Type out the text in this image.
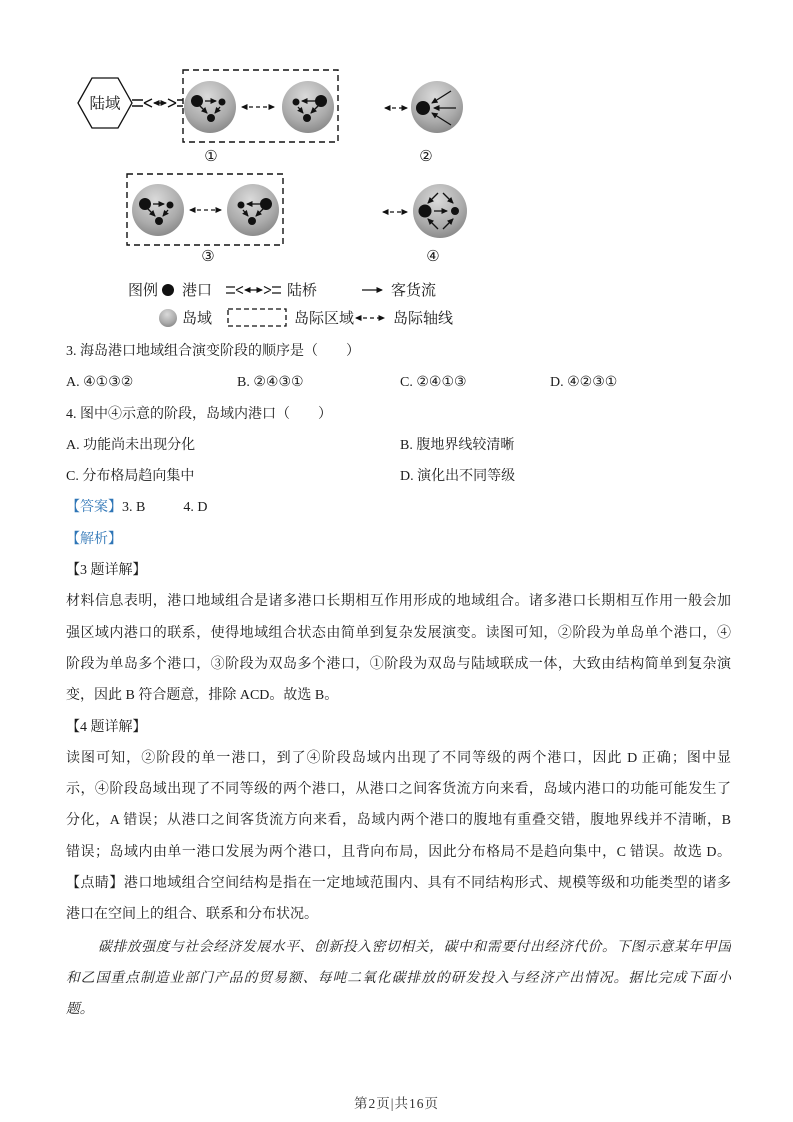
陆域
①	②
③	④
图例 港口	陆桥	客货流
岛域	岛际区域	岛际轴线
3. 海岛港口地域组合演变阶段的顺序是（　　）
A. ④①③②	B. ②④③①	C. ②④①③	D. ④②③①
4. 图中④示意的阶段，岛域内港口（　　）
A. 功能尚未出现分化	B. 腹地界线较清晰
C. 分布格局趋向集中	D. 演化出不同等级
【答案】3. B	4. D
【解析】
【3 题详解】
材料信息表明，港口地域组合是诸多港口长期相互作用形成的地域组合。诸多港口长期相互作用一般会加
强区域内港口的联系，使得地域组合状态由简单到复杂发展演变。读图可知，②阶段为单岛单个港口，④
阶段为单岛多个港口，③阶段为双岛多个港口，①阶段为双岛与陆域联成一体，大致由结构简单到复杂演
变，因此 B 符合题意，排除 ACD。故选 B。
【4 题详解】
读图可知，②阶段的单一港口，到了④阶段岛域内出现了不同等级的两个港口，因此 D 正确；图中显
示，④阶段岛域出现了不同等级的两个港口，从港口之间客货流方向来看，岛域内港口的功能可能发生了
分化，A 错误；从港口之间客货流方向来看，岛域内两个港口的腹地有重叠交错，腹地界线并不清晰，B
错误；岛域内由单一港口发展为两个港口，且背向布局，因此分布格局不是趋向集中，C 错误。故选 D。
【点睛】港口地域组合空间结构是指在一定地域范围内、具有不同结构形式、规模等级和功能类型的诸多
港口在空间上的组合、联系和分布状况。
碳排放强度与社会经济发展水平、创新投入密切相关，碳中和需要付出经济代价。下图示意某年甲国
和乙国重点制造业部门产品的贸易额、每吨二氧化碳排放的研发投入与经济产出情况。据比完成下面小
题。
第2页|共16页
